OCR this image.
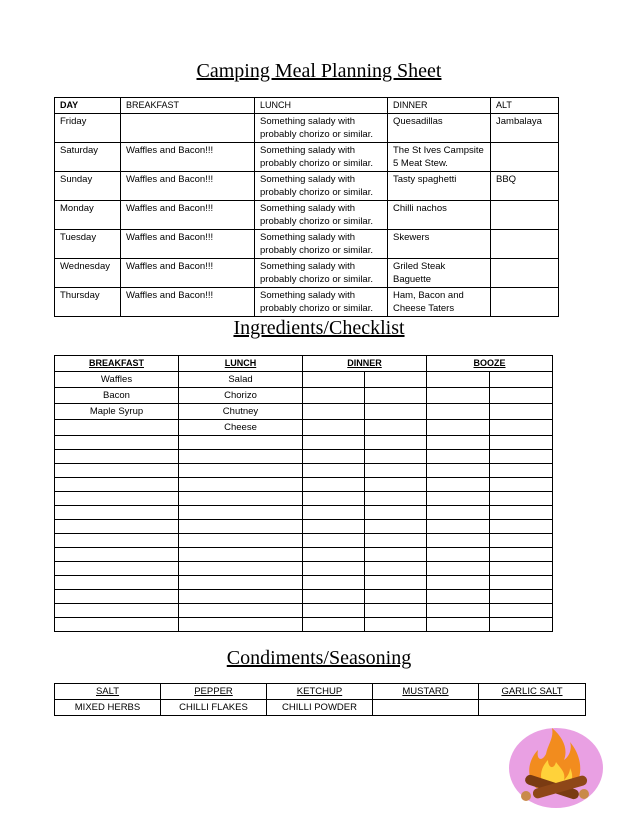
Camping Meal Planning Sheet
DAY	BREAKFAST	LUNCH	DINNER	ALT
Friday		Something salady with probably chorizo or similar.	Quesadillas	Jambalaya
Saturday	Waffles and Bacon!!!	Something salady with probably chorizo or similar.	The St Ives Campsite 5 Meat Stew.	
Sunday	Waffles and Bacon!!!	Something salady with probably chorizo or similar.	Tasty spaghetti	BBQ
Monday	Waffles and Bacon!!!	Something salady with probably chorizo or similar.	Chilli nachos	
Tuesday	Waffles and Bacon!!!	Something salady with probably chorizo or similar.	Skewers	
Wednesday	Waffles and Bacon!!!	Something salady with probably chorizo or similar.	Griled Steak Baguette	
Thursday	Waffles and Bacon!!!	Something salady with probably chorizo or similar.	Ham, Bacon and Cheese Taters	
Ingredients/Checklist
BREAKFAST	LUNCH	DINNER		BOOZE	
Waffles	Salad				
Bacon	Chorizo				
Maple Syrup	Chutney				
	Cheese				

Condiments/Seasoning
SALT	PEPPER	KETCHUP	MUSTARD	GARLIC SALT
MIXED HERBS	CHILLI FLAKES	CHILLI POWDER		
